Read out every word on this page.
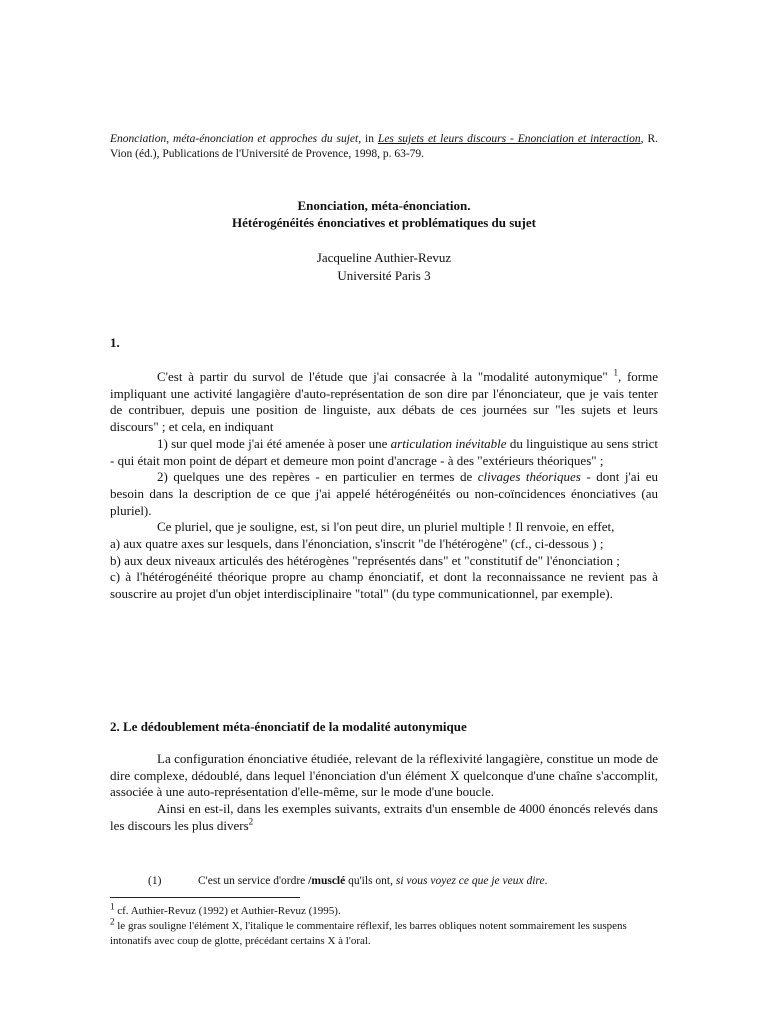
Enonciation, méta-énonciation et approches du sujet, in Les sujets et leurs discours - Enonciation et interaction, R. Vion (éd.), Publications de l'Université de Provence, 1998, p. 63-79.
Enonciation, méta-énonciation.
Hétérogénéités énonciatives et problématiques du sujet
Jacqueline Authier-Revuz
Université Paris 3
1.

C'est à partir du survol de l'étude que j'ai consacrée à la "modalité autonymique" $^1$, forme impliquant une activité langagière d'auto-représentation de son dire par l'énonciateur, que je vais tenter de contribuer, depuis une position de linguiste, aux débats de ces journées sur "les sujets et leurs discours" ; et cela, en indiquant

1) sur quel mode j'ai été amenée à poser une articulation inévitable du linguistique au sens strict - qui était mon point de départ et demeure mon point d'ancrage - à des "extérieurs théoriques" ;

2) quelques une des repères - en particulier en termes de clivages théoriques - dont j'ai eu besoin dans la description de ce que j'ai appelé hétérogénéités ou non-coïncidences énonciatives (au pluriel).

Ce pluriel, que je souligne, est, si l'on peut dire, un pluriel multiple ! Il renvoie, en effet,

a) aux quatre axes sur lesquels, dans l'énonciation, s'inscrit "de l'hétérogène" (cf., ci-dessous ) ;

b) aux deux niveaux articulés des hétérogènes "représentés dans" et "constitutif de" l'énonciation ;

c) à l'hétérogénéité théorique propre au champ énonciatif, et dont la reconnaissance ne revient pas à souscrire au projet d'un objet interdisciplinaire "total" (du type communicationnel, par exemple).

2. Le dédoublement méta-énonciatif de la modalité autonymique

La configuration énonciative étudiée, relevant de la réflexivité langagière, constitue un mode de dire complexe, dédoublé, dans lequel l'énonciation d'un élément X quelconque d'une chaîne s'accomplit, associée à une auto-représentation d'elle-même, sur le mode d'une boucle.

Ainsi en est-il, dans les exemples suivants, extraits d'un ensemble de 4000 énoncés relevés dans les discours les plus divers$^2$

(1)	C'est un service d'ordre /musclé qu'ils ont, si vous voyez ce que je veux dire.

$^1$ cf. Authier-Revuz (1992) et Authier-Revuz (1995).

$^2$ le gras souligne l'élément X, l'italique le commentaire réflexif, les barres obliques notent sommairement les suspens intonatifs avec coup de glotte, précédant certains X à l'oral.
